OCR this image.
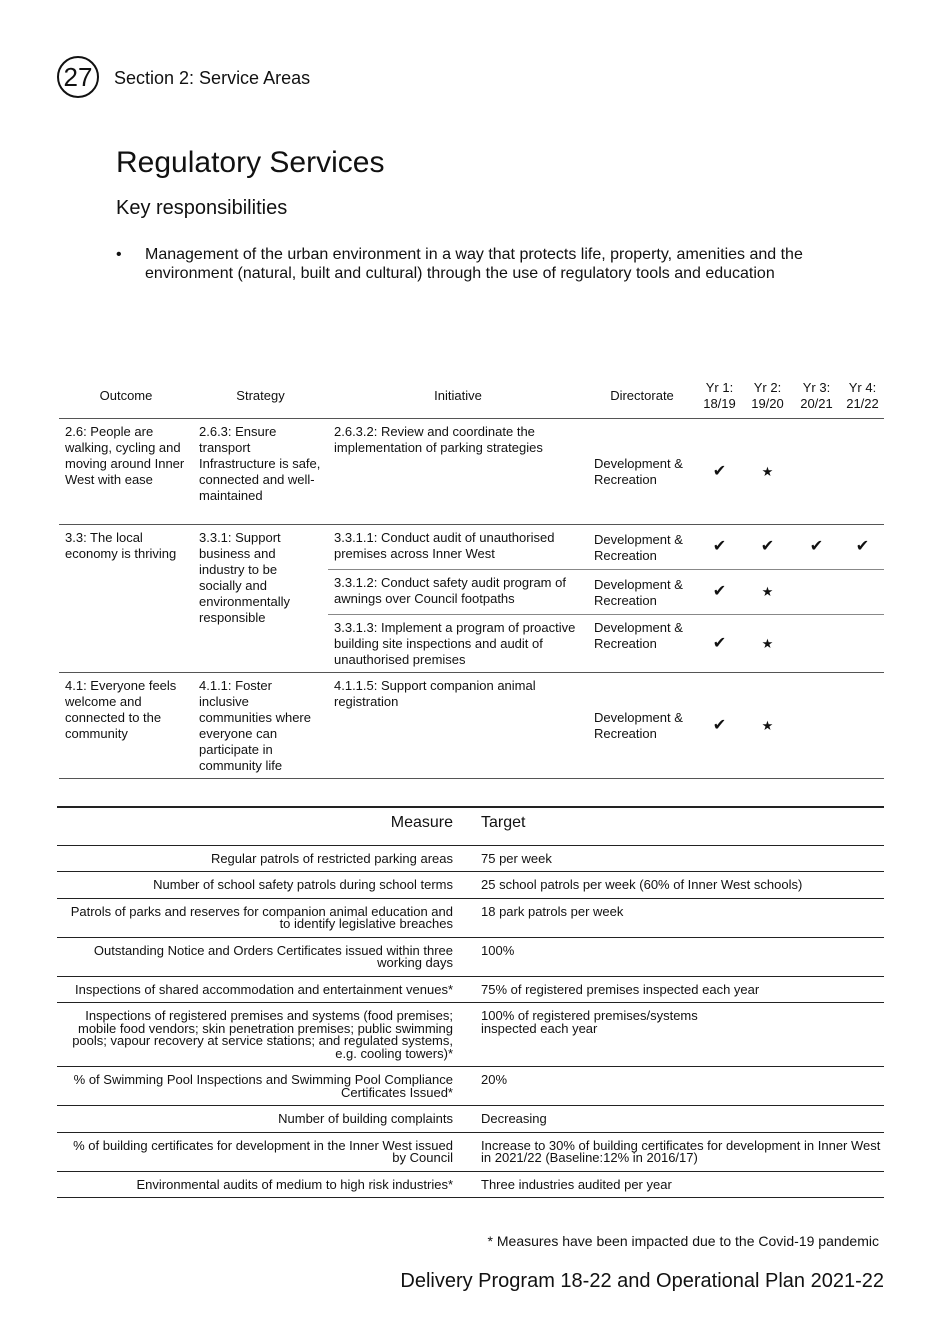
27 Section 2: Service Areas
Regulatory Services
Key responsibilities
•	Management of the urban environment in a way that protects life, property, amenities and the environment (natural, built and cultural) through the use of regulatory tools and education
Outcome	Strategy	Initiative	Directorate	Yr 1: 18/19	Yr 2: 19/20	Yr 3: 20/21	Yr 4: 21/22
2.6: People are walking, cycling and moving around Inner West with ease	2.6.3: Ensure transport Infrastructure is safe, connected and well-maintained	2.6.3.2: Review and coordinate the implementation of parking strategies	Development & Recreation	✔	★		
3.3: The local economy is thriving	3.3.1: Support business and industry to be socially and environmentally responsible	3.3.1.1: Conduct audit of unauthorised premises across Inner West	Development & Recreation	✔	✔	✔	✔
		3.3.1.2: Conduct safety audit program of awnings over Council footpaths	Development & Recreation	✔	★		
		3.3.1.3: Implement a program of proactive building site inspections and audit of unauthorised premises	Development & Recreation	✔	★		
4.1: Everyone feels welcome and connected to the community	4.1.1: Foster inclusive communities where everyone can participate in community life	4.1.1.5: Support companion animal registration	Development & Recreation	✔	★		
Measure	Target
Regular patrols of restricted parking areas	75 per week
Number of school safety patrols during school terms	25 school patrols per week (60% of Inner West schools)
Patrols of parks and reserves for companion animal education and to identify legislative breaches	18 park patrols per week
Outstanding Notice and Orders Certificates issued within three working days	100%
Inspections of shared accommodation and entertainment venues*	75% of registered premises inspected each year
Inspections of registered premises and systems (food premises; mobile food vendors; skin penetration premises; public swimming pools; vapour recovery at service stations; and regulated systems, e.g. cooling towers)*	100% of registered premises/systems inspected each year
% of Swimming Pool Inspections and Swimming Pool Compliance Certificates Issued*	20%
Number of building complaints	Decreasing
% of building certificates for development in the Inner West issued by Council	Increase to 30% of building certificates for development in Inner West in 2021/22 (Baseline:12% in 2016/17)
Environmental audits of medium to high risk industries*	Three industries audited per year
* Measures have been impacted due to the Covid-19 pandemic
Delivery Program 18-22 and Operational Plan 2021-22
